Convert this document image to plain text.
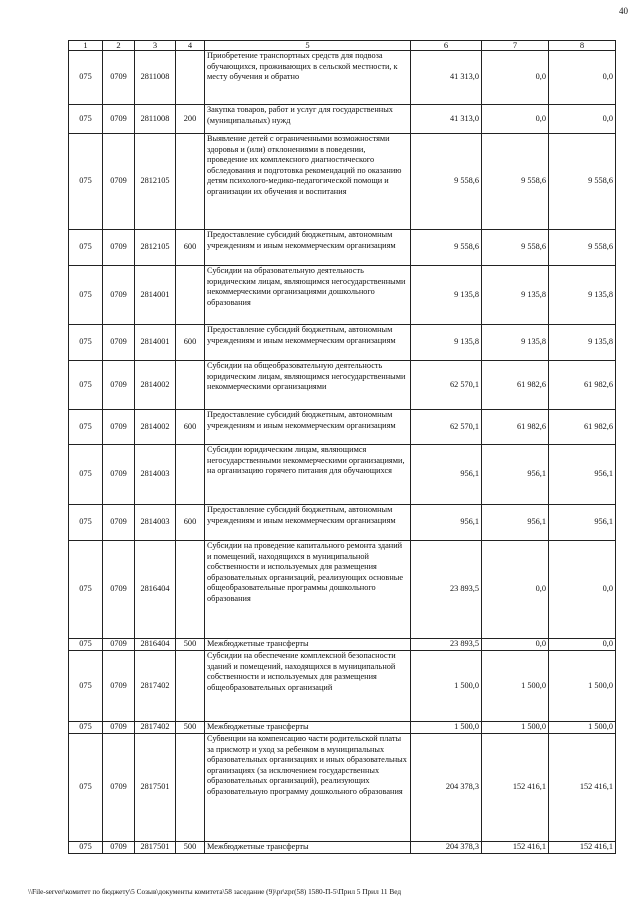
40
1	2	3	4	5	6	7	8
075	0709	2811008		Приобретение транспортных средств для подвоза обучающихся, проживающих в сельской местности, к месту обучения и обратно	41 313,0	0,0	0,0
075	0709	2811008	200	Закупка товаров, работ и услуг для государственных (муниципальных) нужд	41 313,0	0,0	0,0
075	0709	2812105		Выявление детей с ограниченными возможностями здоровья и (или) отклонениями в поведении, проведение их комплексного диагностического обследования и подготовка рекомендаций по оказанию детям психолого-медико-педагогической помощи и организации их обучения и воспитания	9 558,6	9 558,6	9 558,6
075	0709	2812105	600	Предоставление субсидий бюджетным, автономным учреждениям и иным некоммерческим организациям	9 558,6	9 558,6	9 558,6
075	0709	2814001		Субсидии на образовательную деятельность юридическим лицам, являющимся негосударственными некоммерческими организациями дошкольного образования	9 135,8	9 135,8	9 135,8
075	0709	2814001	600	Предоставление субсидий бюджетным, автономным учреждениям и иным некоммерческим организациям	9 135,8	9 135,8	9 135,8
075	0709	2814002		Субсидии на общеобразовательную деятельность юридическим лицам, являющимся негосударственными некоммерческими организациями	62 570,1	61 982,6	61 982,6
075	0709	2814002	600	Предоставление субсидий бюджетным, автономным учреждениям и иным некоммерческим организациям	62 570,1	61 982,6	61 982,6
075	0709	2814003		Субсидии юридическим лицам, являющимся негосударственными некоммерческими организациями, на организацию горячего питания для обучающихся	956,1	956,1	956,1
075	0709	2814003	600	Предоставление субсидий бюджетным, автономным учреждениям и иным некоммерческим организациям	956,1	956,1	956,1
075	0709	2816404		Субсидии на проведение капитального ремонта зданий и помещений, находящихся в муниципальной собственности и используемых для размещения образовательных организаций, реализующих основные общеобразовательные программы дошкольного образования	23 893,5	0,0	0,0
075	0709	2816404	500	Межбюджетные трансферты	23 893,5	0,0	0,0
075	0709	2817402		Субсидии на обеспечение комплексной безопасности зданий и помещений, находящихся в муниципальной собственности и используемых для размещения общеобразовательных организаций	1 500,0	1 500,0	1 500,0
075	0709	2817402	500	Межбюджетные трансферты	1 500,0	1 500,0	1 500,0
075	0709	2817501		Субвенции на компенсацию части родительской платы за присмотр и уход за ребенком в муниципальных образовательных организациях и иных образовательных организациях (за исключением государственных образовательных организаций), реализующих образовательную программу дошкольного образования	204 378,3	152 416,1	152 416,1
075	0709	2817501	500	Межбюджетные трансферты	204 378,3	152 416,1	152 416,1
\\File-server\комитет по бюджету\5 Созыв\документы комитета\58 заседание (9)\pr\zpr(58) 1580-П-5\Прил 5 Прил 11 Вед
